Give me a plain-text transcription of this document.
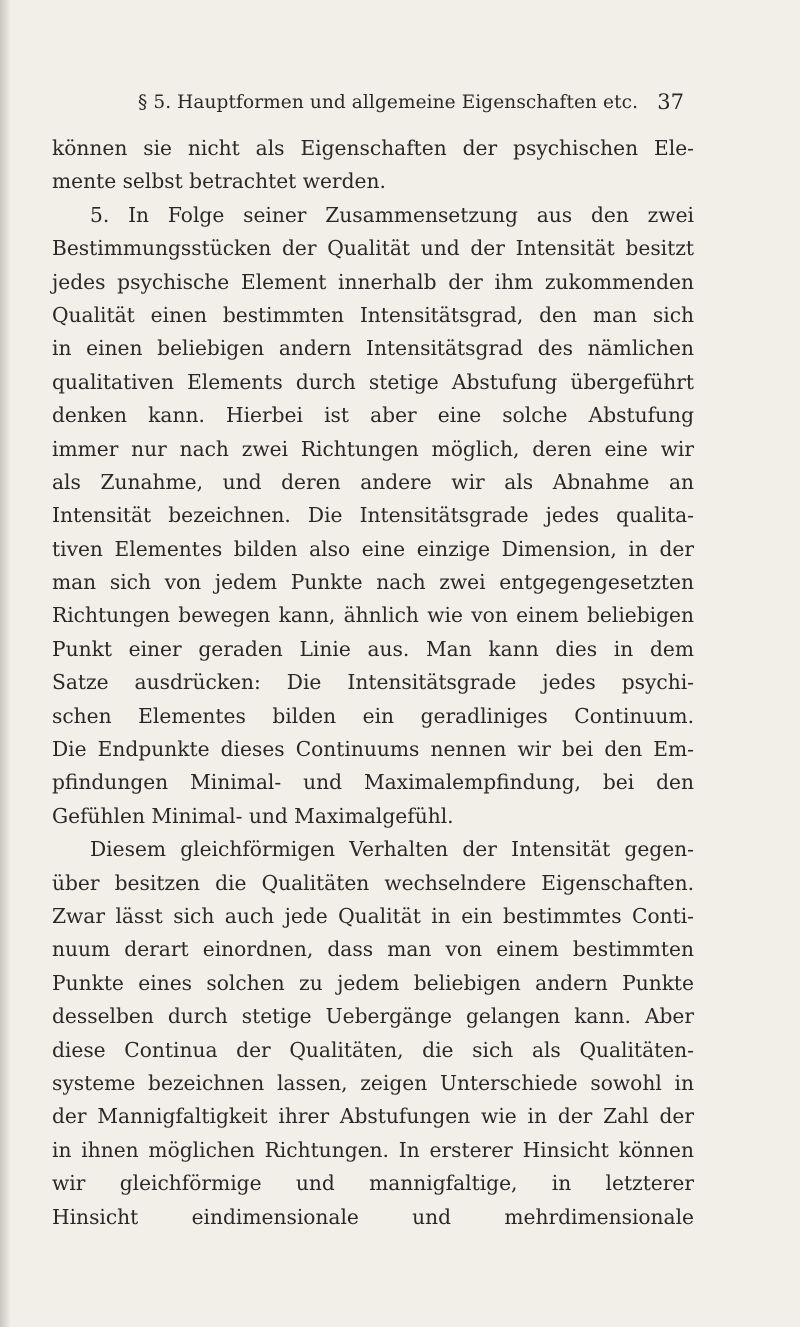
§ 5. Hauptformen und allgemeine Eigenschaften etc. 37
können sie nicht als Eigenschaften der psychischen Ele-
mente selbst betrachtet werden.
5. In Folge seiner Zusammensetzung aus den zwei
Bestimmungsstücken der Qualität und der Intensität besitzt
jedes psychische Element innerhalb der ihm zukommenden
Qualität einen bestimmten Intensitätsgrad, den man sich
in einen beliebigen andern Intensitätsgrad des nämlichen
qualitativen Elements durch stetige Abstufung übergeführt
denken kann. Hierbei ist aber eine solche Abstufung
immer nur nach zwei Richtungen möglich, deren eine wir
als Zunahme, und deren andere wir als Abnahme an
Intensität bezeichnen. Die Intensitätsgrade jedes qualita-
tiven Elementes bilden also eine einzige Dimension, in der
man sich von jedem Punkte nach zwei entgegengesetzten
Richtungen bewegen kann, ähnlich wie von einem beliebigen
Punkt einer geraden Linie aus. Man kann dies in dem
Satze ausdrücken: Die Intensitätsgrade jedes psychi-
schen Elementes bilden ein geradliniges Continuum.
Die Endpunkte dieses Continuums nennen wir bei den Em-
pfindungen Minimal- und Maximalempfindung, bei den
Gefühlen Minimal- und Maximalgefühl.
Diesem gleichförmigen Verhalten der Intensität gegen-
über besitzen die Qualitäten wechselndere Eigenschaften.
Zwar lässt sich auch jede Qualität in ein bestimmtes Conti-
nuum derart einordnen, dass man von einem bestimmten
Punkte eines solchen zu jedem beliebigen andern Punkte
desselben durch stetige Uebergänge gelangen kann. Aber
diese Continua der Qualitäten, die sich als Qualitäten-
systeme bezeichnen lassen, zeigen Unterschiede sowohl in
der Mannigfaltigkeit ihrer Abstufungen wie in der Zahl der
in ihnen möglichen Richtungen. In ersterer Hinsicht können
wir gleichförmige und mannigfaltige, in letzterer
Hinsicht eindimensionale und mehrdimensionale
